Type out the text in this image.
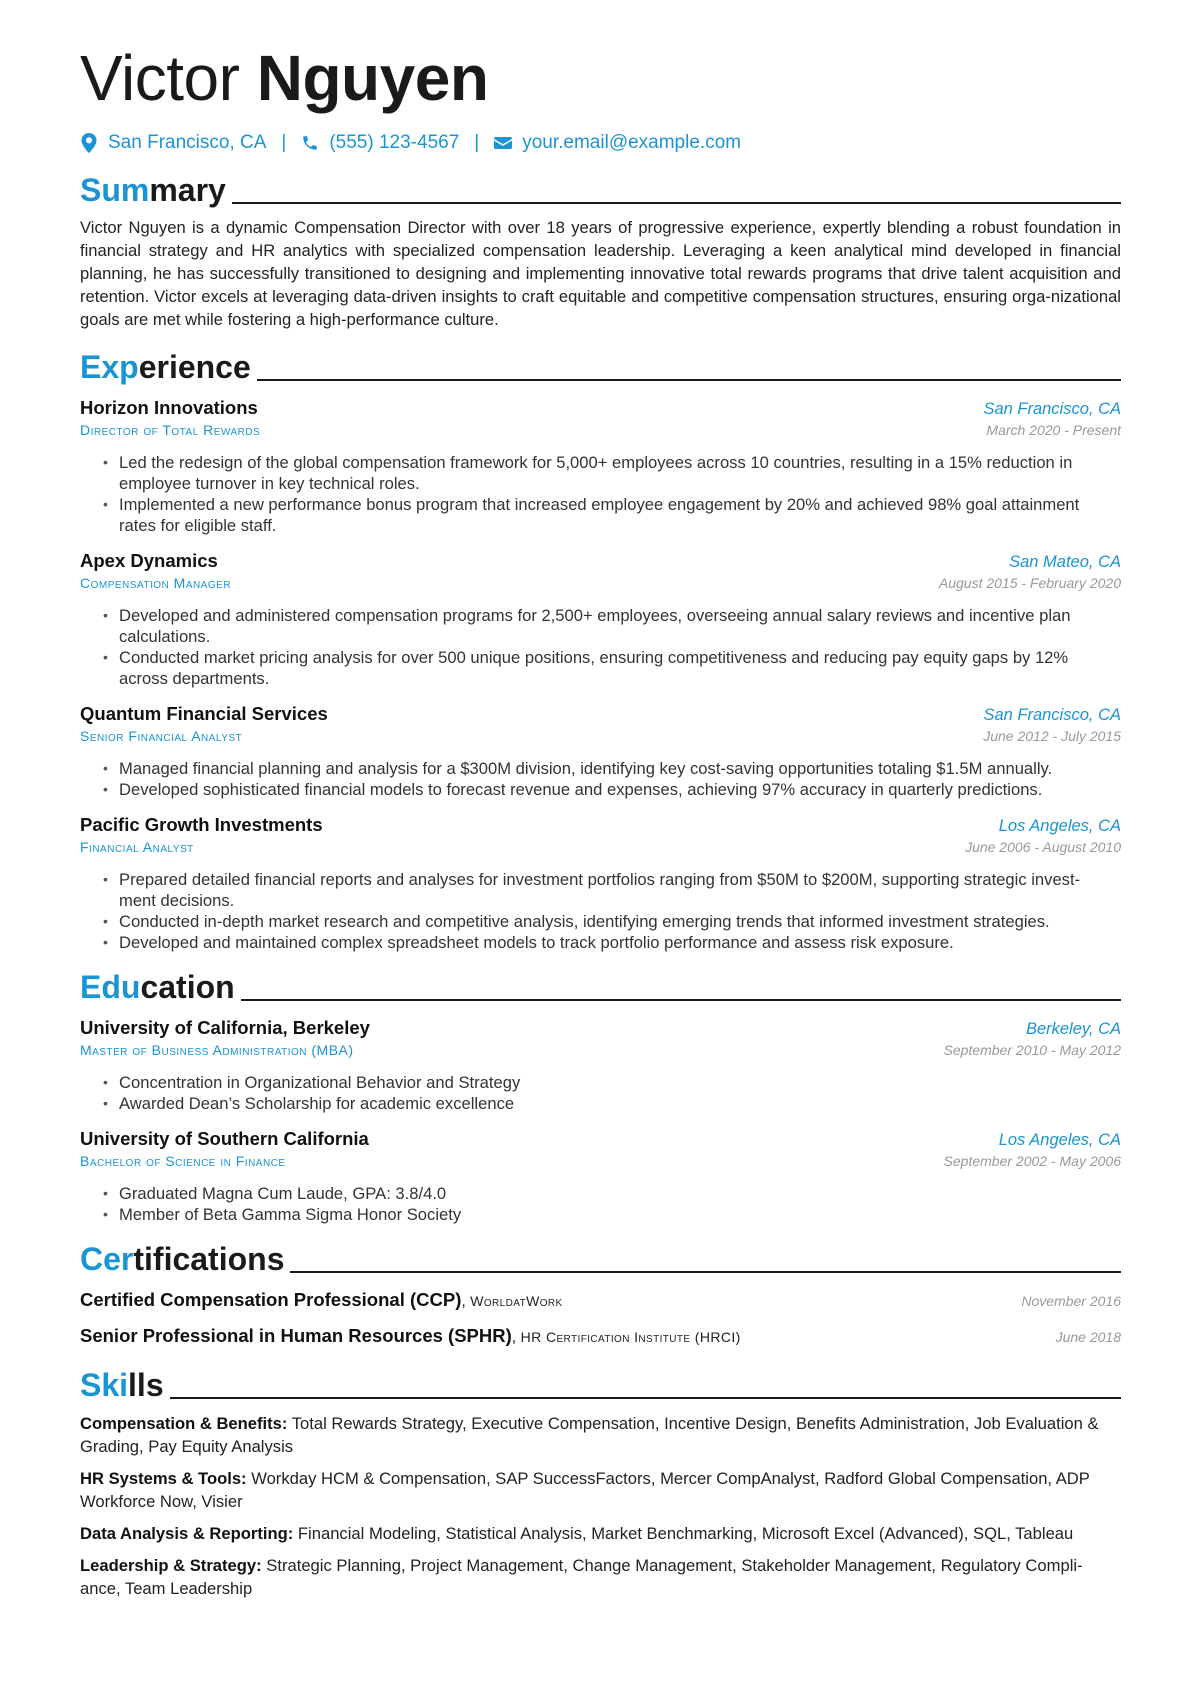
Victor Nguyen
San Francisco, CA | (555) 123-4567 | your.email@example.com
Summary
Victor Nguyen is a dynamic Compensation Director with over 18 years of progressive experience, expertly blending a robust foundation in financial strategy and HR analytics with specialized compensation leadership. Leveraging a keen analytical mind developed in financial planning, he has successfully transitioned to designing and implementing innovative total rewards programs that drive talent acquisition and retention. Victor excels at leveraging data-driven insights to craft equitable and competitive compensation structures, ensuring orga-nizational goals are met while fostering a high-performance culture.
Experience
Horizon Innovations	San Francisco, CA
Director of Total Rewards	March 2020 - Present
• Led the redesign of the global compensation framework for 5,000+ employees across 10 countries, resulting in a 15% reduction in employee turnover in key technical roles.
• Implemented a new performance bonus program that increased employee engagement by 20% and achieved 98% goal attainment rates for eligible staff.
Apex Dynamics	San Mateo, CA
Compensation Manager	August 2015 - February 2020
• Developed and administered compensation programs for 2,500+ employees, overseeing annual salary reviews and incentive plan calculations.
• Conducted market pricing analysis for over 500 unique positions, ensuring competitiveness and reducing pay equity gaps by 12% across departments.
Quantum Financial Services	San Francisco, CA
Senior Financial Analyst	June 2012 - July 2015
• Managed financial planning and analysis for a $300M division, identifying key cost-saving opportunities totaling $1.5M annually.
• Developed sophisticated financial models to forecast revenue and expenses, achieving 97% accuracy in quarterly predictions.
Pacific Growth Investments	Los Angeles, CA
Financial Analyst	June 2006 - August 2010
• Prepared detailed financial reports and analyses for investment portfolios ranging from $50M to $200M, supporting strategic invest-ment decisions.
• Conducted in-depth market research and competitive analysis, identifying emerging trends that informed investment strategies.
• Developed and maintained complex spreadsheet models to track portfolio performance and assess risk exposure.
Education
University of California, Berkeley	Berkeley, CA
Master of Business Administration (MBA)	September 2010 - May 2012
• Concentration in Organizational Behavior and Strategy
• Awarded Dean’s Scholarship for academic excellence
University of Southern California	Los Angeles, CA
Bachelor of Science in Finance	September 2002 - May 2006
• Graduated Magna Cum Laude, GPA: 3.8/4.0
• Member of Beta Gamma Sigma Honor Society
Certifications
Certified Compensation Professional (CCP), WorldatWork	November 2016
Senior Professional in Human Resources (SPHR), HR Certification Institute (HRCI)	June 2018
Skills
Compensation & Benefits: Total Rewards Strategy, Executive Compensation, Incentive Design, Benefits Administration, Job Evaluation & Grading, Pay Equity Analysis
HR Systems & Tools: Workday HCM & Compensation, SAP SuccessFactors, Mercer CompAnalyst, Radford Global Compensation, ADP Workforce Now, Visier
Data Analysis & Reporting: Financial Modeling, Statistical Analysis, Market Benchmarking, Microsoft Excel (Advanced), SQL, Tableau
Leadership & Strategy: Strategic Planning, Project Management, Change Management, Stakeholder Management, Regulatory Compli-ance, Team Leadership
